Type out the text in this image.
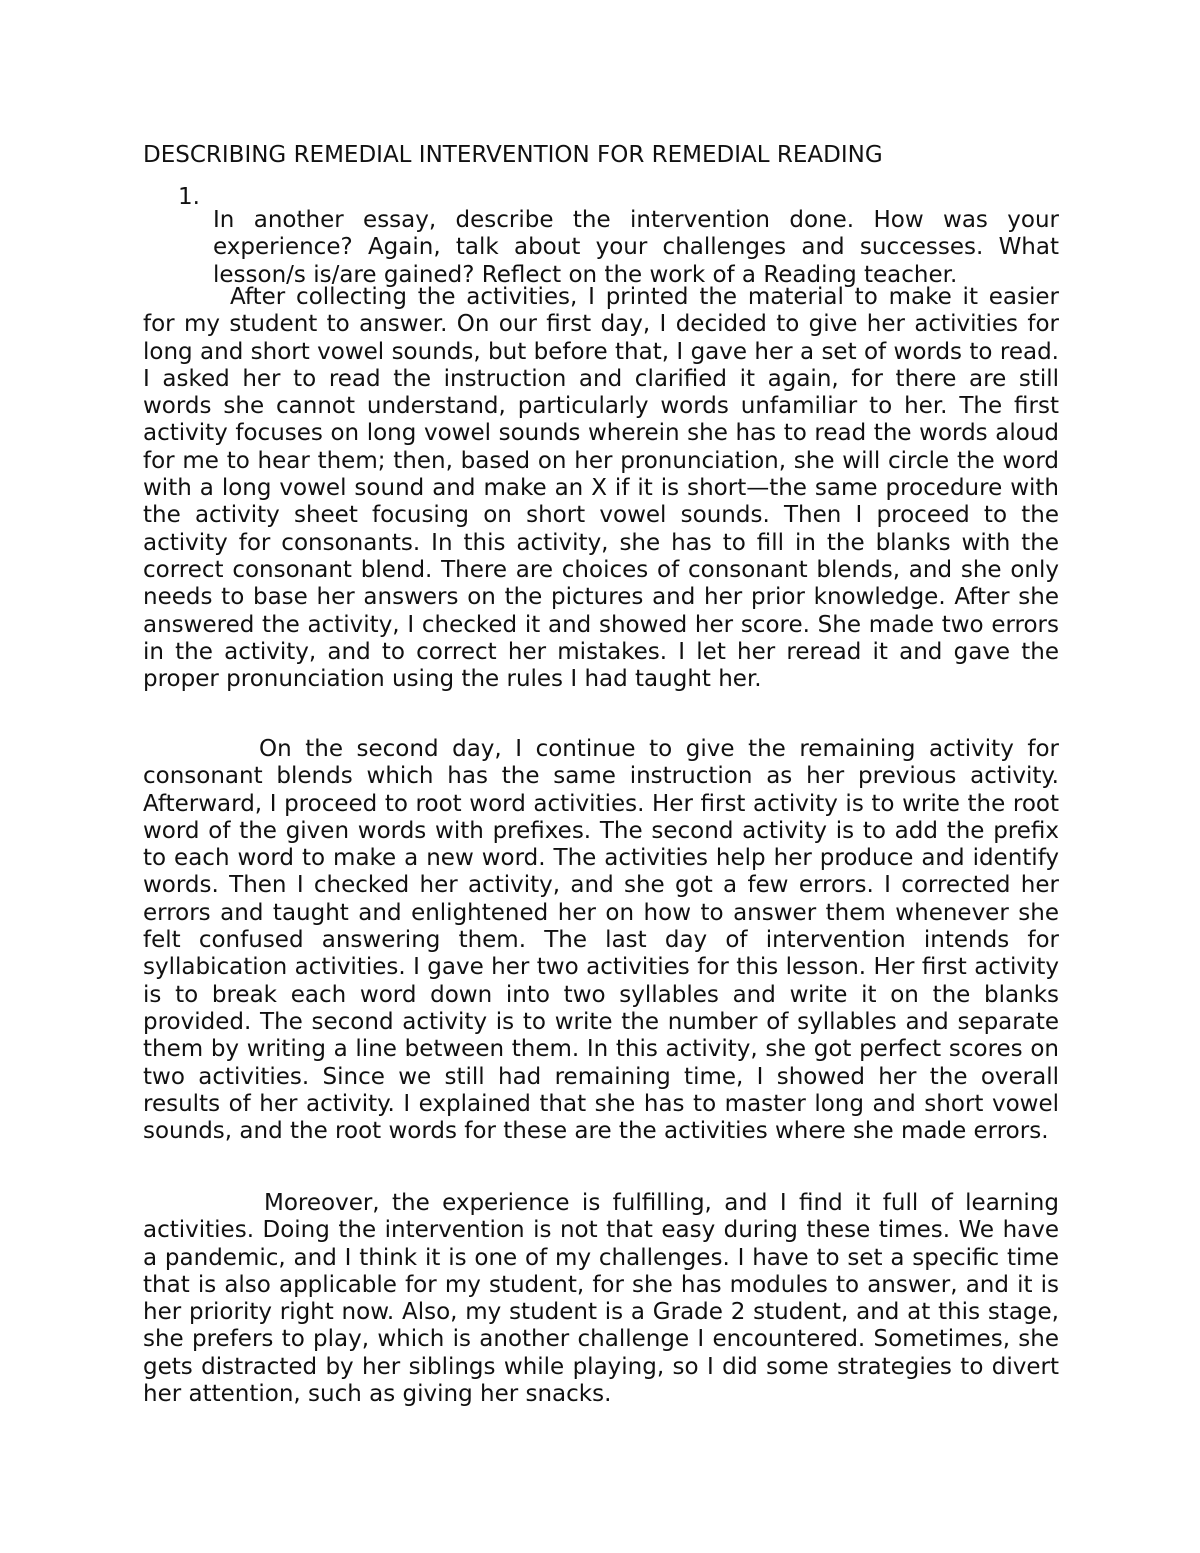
DESCRIBING REMEDIAL INTERVENTION FOR REMEDIAL READING
1.

In another essay, describe the intervention done. How was your experience? Again, talk about your challenges and successes. What lesson/s is/are gained? Reflect on the work of a Reading teacher.

After collecting the activities, I printed the material to make it easier for my student to answer. On our first day, I decided to give her activities for long and short vowel sounds, but before that, I gave her a set of words to read. I asked her to read the instruction and clarified it again, for there are still words she cannot understand, particularly words unfamiliar to her. The first activity focuses on long vowel sounds wherein she has to read the words aloud for me to hear them; then, based on her pronunciation, she will circle the word with a long vowel sound and make an X if it is short—the same procedure with the activity sheet focusing on short vowel sounds. Then I proceed to the activity for consonants. In this activity, she has to fill in the blanks with the correct consonant blend. There are choices of consonant blends, and she only needs to base her answers on the pictures and her prior knowledge. After she answered the activity, I checked it and showed her score. She made two errors in the activity, and to correct her mistakes. I let her reread it and gave the proper pronunciation using the rules I had taught her.

On the second day, I continue to give the remaining activity for consonant blends which has the same instruction as her previous activity. Afterward, I proceed to root word activities. Her first activity is to write the root word of the given words with prefixes. The second activity is to add the prefix to each word to make a new word. The activities help her produce and identify words. Then I checked her activity, and she got a few errors. I corrected her errors and taught and enlightened her on how to answer them whenever she felt confused answering them. The last day of intervention intends for syllabication activities. I gave her two activities for this lesson. Her first activity is to break each word down into two syllables and write it on the blanks provided. The second activity is to write the number of syllables and separate them by writing a line between them. In this activity, she got perfect scores on two activities. Since we still had remaining time, I showed her the overall results of her activity. I explained that she has to master long and short vowel sounds, and the root words for these are the activities where she made errors.

Moreover, the experience is fulfilling, and I find it full of learning activities. Doing the intervention is not that easy during these times. We have a pandemic, and I think it is one of my challenges. I have to set a specific time that is also applicable for my student, for she has modules to answer, and it is her priority right now. Also, my student is a Grade 2 student, and at this stage, she prefers to play, which is another challenge I encountered. Sometimes, she gets distracted by her siblings while playing, so I did some strategies to divert her attention, such as giving her snacks.
